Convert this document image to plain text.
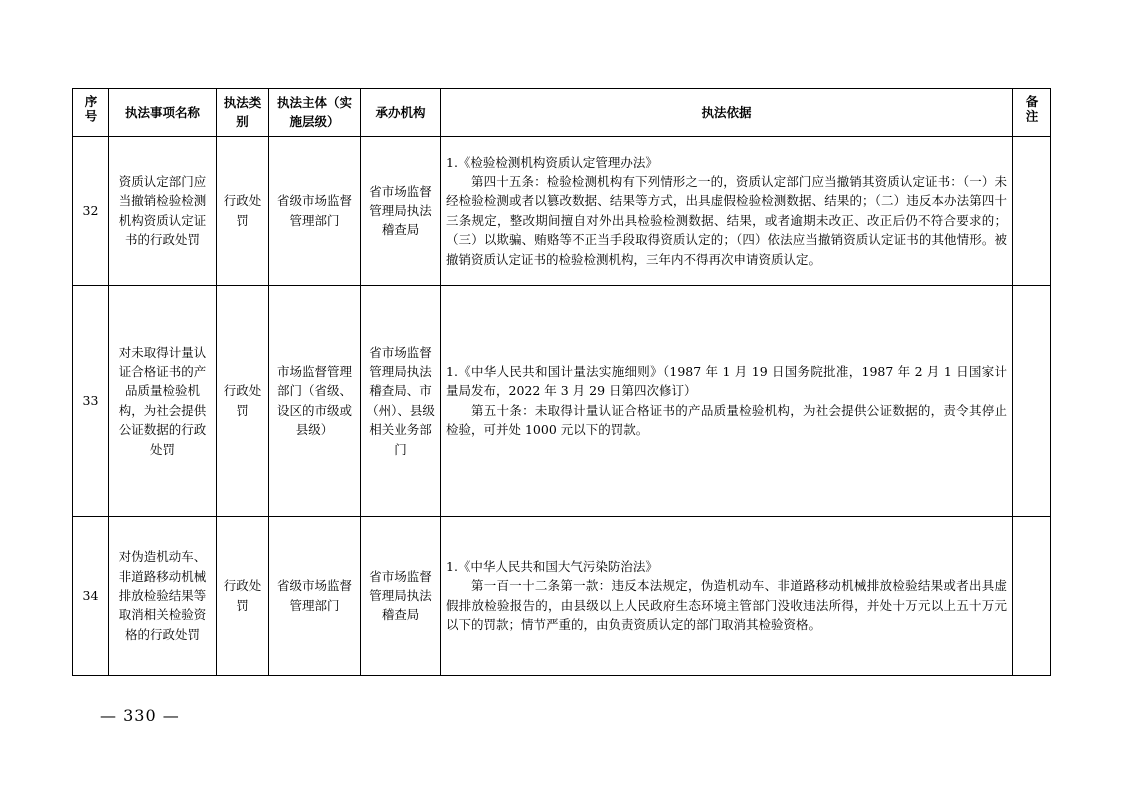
序号	执法事项名称	执法类别	执法主体（实施层级）	承办机构	执法依据	备注
32	资质认定部门应当撤销检验检测机构资质认定证书的行政处罚	行政处罚	省级市场监督管理部门	省市场监督管理局执法稽查局	1.《检验检测机构资质认定管理办法》
第四十五条：检验检测机构有下列情形之一的，资质认定部门应当撤销其资质认定证书：（一）未经检验检测或者以篡改数据、结果等方式，出具虚假检验检测数据、结果的；（二）违反本办法第四十三条规定，整改期间擅自对外出具检验检测数据、结果，或者逾期未改正、改正后仍不符合要求的；（三）以欺骗、贿赂等不正当手段取得资质认定的；（四）依法应当撤销资质认定证书的其他情形。被撤销资质认定证书的检验检测机构，三年内不得再次申请资质认定。	

33	对未取得计量认证合格证书的产品质量检验机构，为社会提供公证数据的行政处罚	行政处罚	市场监督管理部门（省级、设区的市级或县级）	省市场监督管理局执法稽查局、市（州）、县级相关业务部门	1.《中华人民共和国计量法实施细则》（1987 年 1 月 19 日国务院批准，1987 年 2 月 1 日国家计量局发布，2022 年 3 月 29 日第四次修订）
第五十条：未取得计量认证合格证书的产品质量检验机构，为社会提供公证数据的，责令其停止检验，可并处 1000 元以下的罚款。	

34	对伪造机动车、非道路移动机械排放检验结果等取消相关检验资格的行政处罚	行政处罚	省级市场监督管理部门	省市场监督管理局执法稽查局	1.《中华人民共和国大气污染防治法》
第一百一十二条第一款：违反本法规定，伪造机动车、非道路移动机械排放检验结果或者出具虚假排放检验报告的，由县级以上人民政府生态环境主管部门没收违法所得，并处十万元以上五十万元以下的罚款；情节严重的，由负责资质认定的部门取消其检验资格。	

— 330 —
